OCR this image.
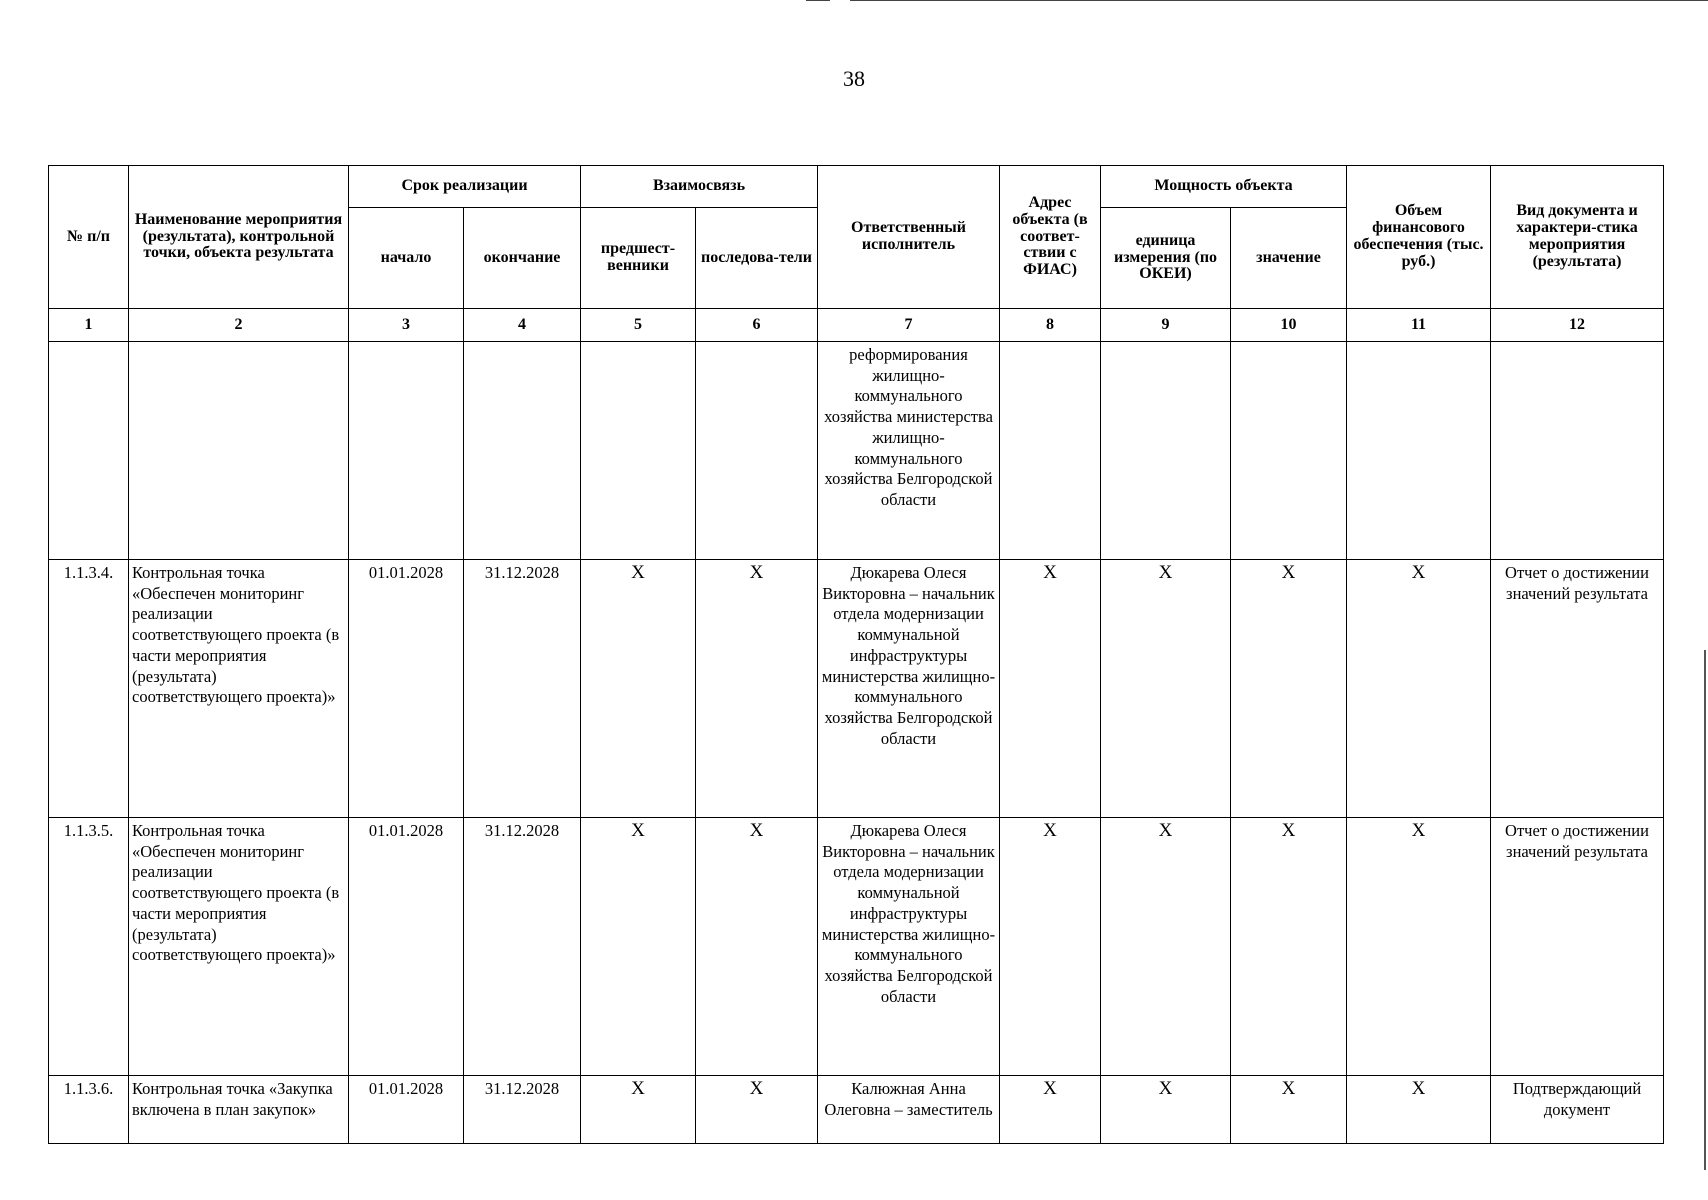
38
№ п/п	Наименование мероприятия (результата), контрольной точки, объекта результата	Срок реализации		Взаимосвязь		Ответственный исполнитель	Адрес объекта (в соответ-ствии с ФИАС)	Мощность объекта		Объем финансового обеспечения (тыс. руб.)	Вид документа и характери-стика мероприятия (результата)
		начало	окончание	предшест-венники	последова-тели			единица измерения (по ОКЕИ)	значение		
1	2	3	4	5	6	7	8	9	10	11	12
						реформирования жилищно-коммунального хозяйства министерства жилищно-коммунального хозяйства Белгородской области					
1.1.3.4.	Контрольная точка «Обеспечен мониторинг реализации соответствующего проекта (в части мероприятия (результата) соответствующего проекта)»	01.01.2028	31.12.2028	Х	Х	Дюкарева Олеся Викторовна – начальник отдела модернизации коммунальной инфраструктуры министерства жилищно-коммунального хозяйства Белгородской области	Х	Х	Х	Х	Отчет о достижении значений результата
1.1.3.5.	Контрольная точка «Обеспечен мониторинг реализации соответствующего проекта (в части мероприятия (результата) соответствующего проекта)»	01.01.2028	31.12.2028	Х	Х	Дюкарева Олеся Викторовна – начальник отдела модернизации коммунальной инфраструктуры министерства жилищно-коммунального хозяйства Белгородской области	Х	Х	Х	Х	Отчет о достижении значений результата
1.1.3.6.	Контрольная точка «Закупка включена в план закупок»	01.01.2028	31.12.2028	Х	Х	Калюжная Анна Олеговна – заместитель	Х	Х	Х	Х	Подтверждающий документ
